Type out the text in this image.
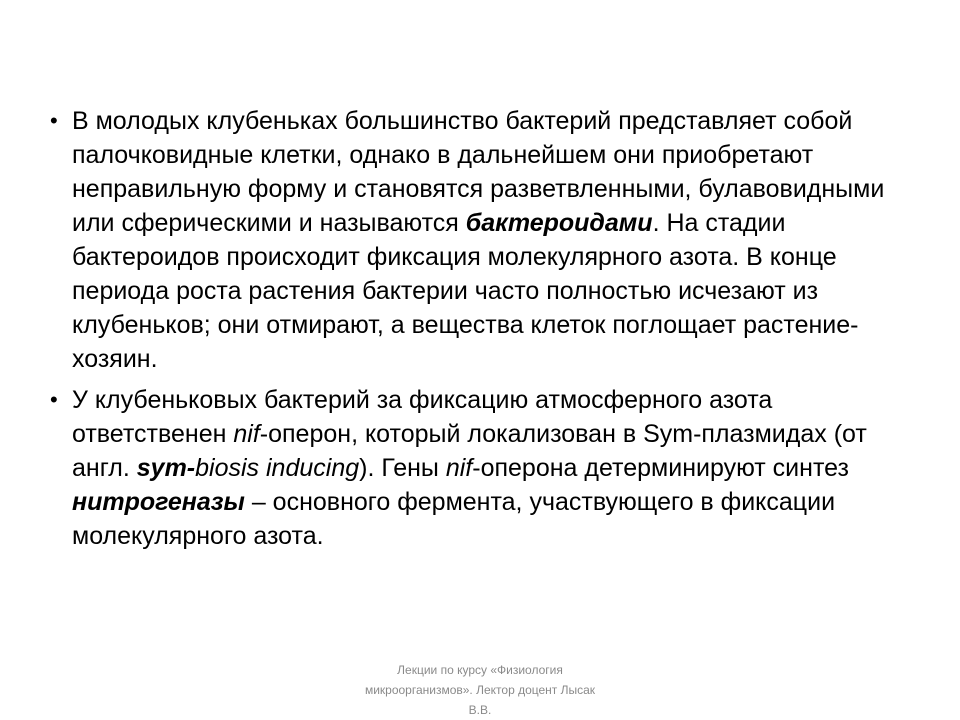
• В молодых клубеньках большинство бактерий представляет собой палочковидные клетки, однако в дальнейшем они приобретают неправильную форму и становятся разветвленными, булавовидными или сферическими и называются бактероидами. На стадии бактероидов происходит фиксация молекулярного азота. В конце периода роста растения бактерии часто полностью исчезают из клубеньков; они отмирают, а вещества клеток поглощает растение-хозяин.
• У клубеньковых бактерий за фиксацию атмосферного азота ответственен nif-оперон, который локализован в Sym-плазмидах (от англ. sym-biosis inducing). Гены nif-оперона детерминируют синтез нитрогеназы – основного фермента, участвующего в фиксации молекулярного азота.
Лекции по курсу «Физиология
микроорганизмов». Лектор доцент Лысак
В.В.
